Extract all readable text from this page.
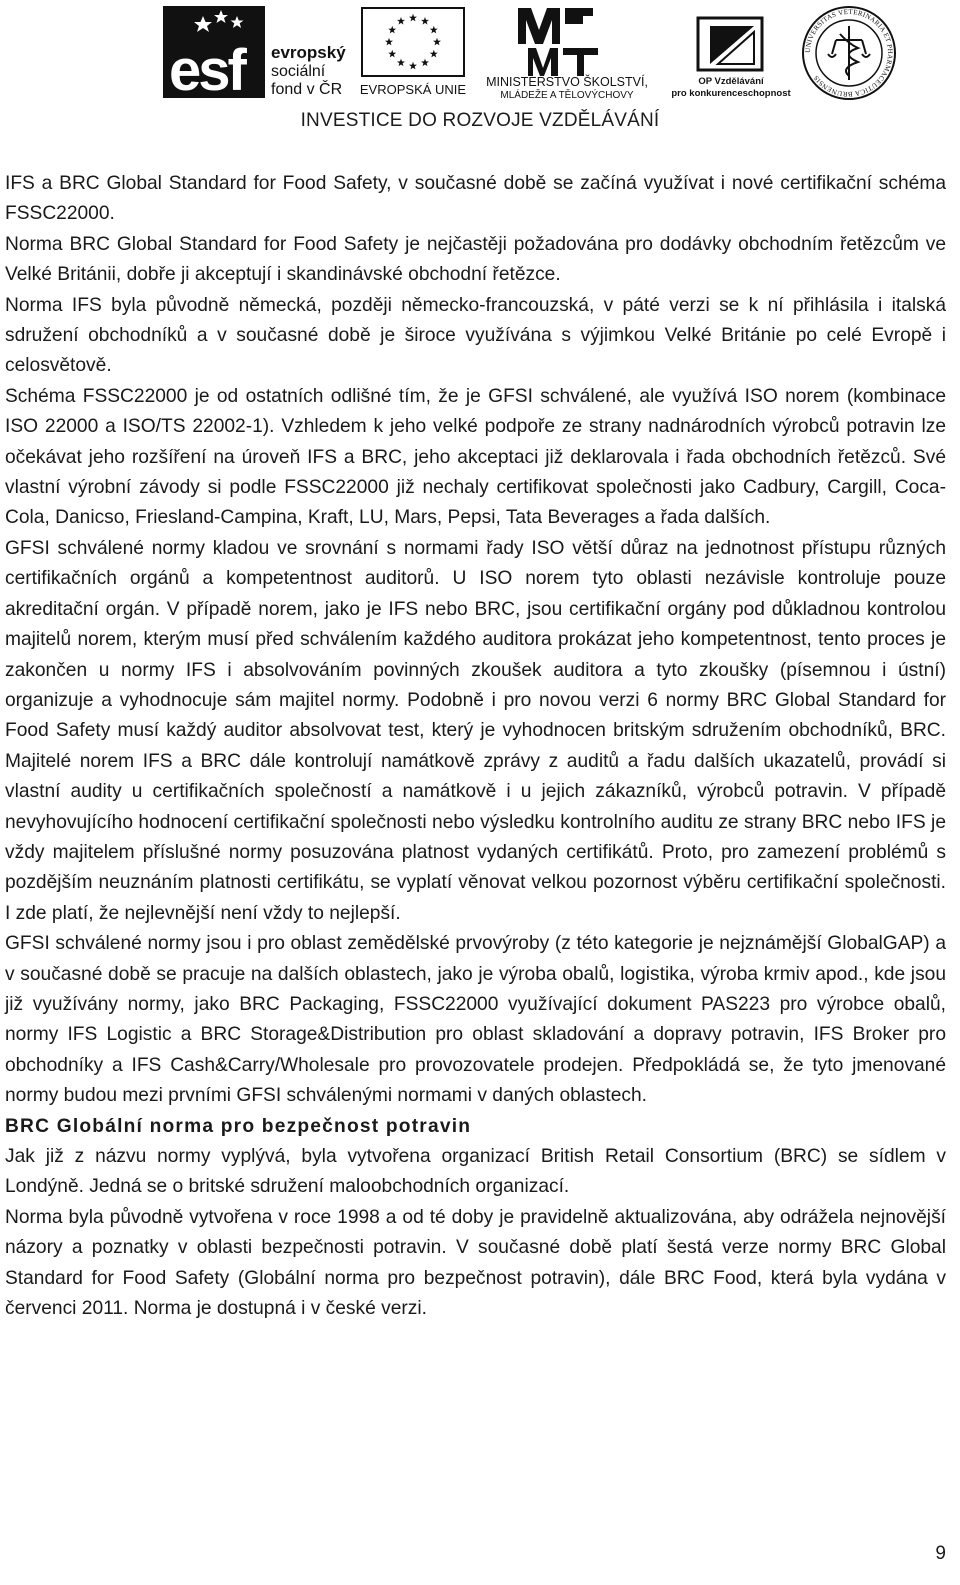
esf evropský
sociální
fond v ČR EVROPSKÁ UNIE MINISTERSTVO ŠKOLSTVÍ,
MLÁDEŽE A TĚLOVÝCHOVY
OP Vzdělávání
pro konkurenceschopnost
UNIVERSITAS VETERINARIA ET PHARMACEUTICA BRUNENSIS
INVESTICE DO ROZVOJE VZDĚLÁVÁNÍ

IFS a BRC Global Standard for Food Safety, v současné době se začíná využívat i nové certifikační schéma FSSC22000.

Norma BRC Global Standard for Food Safety je nejčastěji požadována pro dodávky obchodním řetězcům ve Velké Británii, dobře ji akceptují i skandinávské obchodní řetězce.

Norma IFS byla původně německá, později německo-francouzská, v páté verzi se k ní přihlásila i italská sdružení obchodníků a v současné době je široce využívána s výjimkou Velké Británie po celé Evropě i celosvětově.

Schéma FSSC22000 je od ostatních odlišné tím, že je GFSI schválené, ale využívá ISO norem (kombinace ISO 22000 a ISO/TS 22002-1). Vzhledem k jeho velké podpoře ze strany nadnárodních výrobců potravin lze očekávat jeho rozšíření na úroveň IFS a BRC, jeho akceptaci již deklarovala i řada obchodních řetězců. Své vlastní výrobní závody si podle FSSC22000 již nechaly certifikovat společnosti jako Cadbury, Cargill, Coca-Cola, Danicso, Friesland-Campina, Kraft, LU, Mars, Pepsi, Tata Beverages a řada dalších.

GFSI schválené normy kladou ve srovnání s normami řady ISO větší důraz na jednotnost přístupu různých certifikačních orgánů a kompetentnost auditorů. U ISO norem tyto oblasti nezávisle kontroluje pouze akreditační orgán. V případě norem, jako je IFS nebo BRC, jsou certifikační orgány pod důkladnou kontrolou majitelů norem, kterým musí před schválením každého auditora prokázat jeho kompetentnost, tento proces je zakončen u normy IFS i absolvováním povinných zkoušek auditora a tyto zkoušky (písemnou i ústní) organizuje a vyhodnocuje sám majitel normy. Podobně i pro novou verzi 6 normy BRC Global Standard for Food Safety musí každý auditor absolvovat test, který je vyhodnocen britským sdružením obchodníků, BRC. Majitelé norem IFS a BRC dále kontrolují namátkově zprávy z auditů a řadu dalších ukazatelů, provádí si vlastní audity u certifikačních společností a namátkově i u jejich zákazníků, výrobců potravin. V případě nevyhovujícího hodnocení certifikační společnosti nebo výsledku kontrolního auditu ze strany BRC nebo IFS je vždy majitelem příslušné normy posuzována platnost vydaných certifikátů. Proto, pro zamezení problémů s pozdějším neuznáním platnosti certifikátu, se vyplatí věnovat velkou pozornost výběru certifikační společnosti. I zde platí, že nejlevnější není vždy to nejlepší.

GFSI schválené normy jsou i pro oblast zemědělské prvovýroby (z této kategorie je nejznámější GlobalGAP) a v současné době se pracuje na dalších oblastech, jako je výroba obalů, logistika, výroba krmiv apod., kde jsou již využívány normy, jako BRC Packaging, FSSC22000 využívající dokument PAS223 pro výrobce obalů, normy IFS Logistic a BRC Storage&Distribution pro oblast skladování a dopravy potravin, IFS Broker pro obchodníky a IFS Cash&Carry/Wholesale pro provozovatele prodejen. Předpokládá se, že tyto jmenované normy budou mezi prvními GFSI schválenými normami v daných oblastech.

BRC Globální norma pro bezpečnost potravin

Jak již z názvu normy vyplývá, byla vytvořena organizací British Retail Consortium (BRC) se sídlem v Londýně. Jedná se o britské sdružení maloobchodních organizací.

Norma byla původně vytvořena v roce 1998 a od té doby je pravidelně aktualizována, aby odrážela nejnovější názory a poznatky v oblasti bezpečnosti potravin. V současné době platí šestá verze normy BRC Global Standard for Food Safety (Globální norma pro bezpečnost potravin), dále BRC Food, která byla vydána v červenci 2011. Norma je dostupná i v české verzi.

9
